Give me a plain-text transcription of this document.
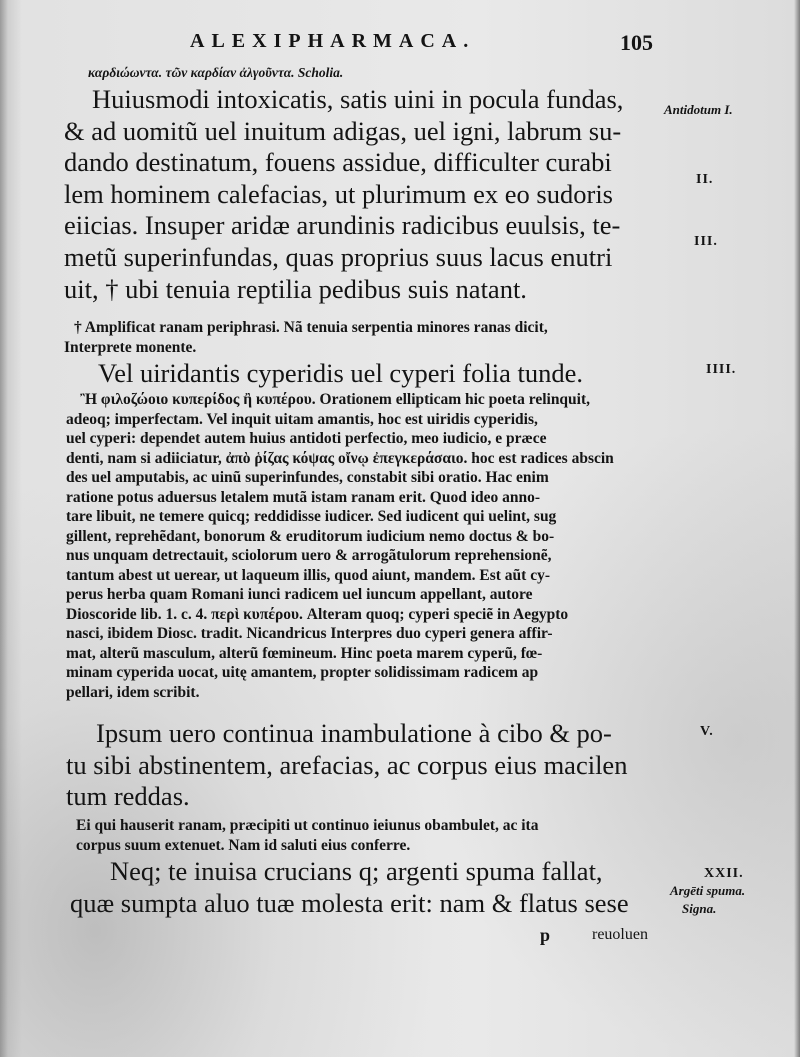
ALEXIPHARMACA.	105
καρδιώωντα. τῶν καρδίαν ἀλγοῦντα. Scholia.
Huiusmodi intoxicatis, satis uini in pocula fundas,
& ad uomitũ uel inuitum adigas, uel igni, labrum su-
dando destinatum, fouens assidue, difficulter curabi
lem hominem calefacias, ut plurimum ex eo sudoris
eiicias. Insuper aridæ arundinis radicibus euulsis, te-
metũ superinfundas, quas proprius suus lacus enutri
uit, † ubi tenuia reptilia pedibus suis natant.
† Amplificat ranam periphrasi. Nã tenuia serpentia minores ranas dicit,
Interprete monente.
Vel uiridantis cyperidis uel cyperi folia tunde.
Ἢ φιλοζώοιο κυπερίδος ἢ κυπέρου. Orationem ellipticam hic poeta relinquit,
adeoq; imperfectam. Vel inquit uitam amantis, hoc est uiridis cyperidis,
uel cyperi: dependet autem huius antidoti perfectio, meo iudicio, e præce
denti, nam si adiiciatur, ἀπὸ ῥίζας κόψας οἴνῳ ἐπεγκεράσαιο. hoc est radices abscin
des uel amputabis, ac uinũ superinfundes, constabit sibi oratio. Hac enim
ratione potus aduersus letalem mutã istam ranam erit. Quod ideo anno-
tare libuit, ne temere quicq; reddidisse iudicer. Sed iudicent qui uelint, sug
gillent, reprehẽdant, bonorum & eruditorum iudicium nemo doctus & bo-
nus unquam detrectauit, sciolorum uero & arrogãtulorum reprehensionẽ,
tantum abest ut uerear, ut laqueum illis, quod aiunt, mandem. Est aũt cy-
perus herba quam Romani iunci radicem uel iuncum appellant, autore
Dioscoride lib. 1. c. 4. περὶ κυπέρου. Alteram quoq; cyperi speciẽ in Aegypto
nasci, ibidem Diosc. tradit. Nicandricus Interpres duo cyperi genera affir-
mat, alterũ masculum, alterũ fœmineum. Hinc poeta marem cyperũ, fœ-
minam cyperida uocat, uitę amantem, propter solidissimam radicem ap
pellari, idem scribit.
Ipsum uero continua inambulatione à cibo & po-
tu sibi abstinentem, arefacias, ac corpus eius macilen
tum reddas.
Ei qui hauserit ranam, præcipiti ut continuo ieiunus obambulet, ac ita
corpus suum extenuet. Nam id saluti eius conferre.
Neq; te inuisa crucians q; argenti spuma fallat,
quæ sumpta aluo tuæ molesta erit: nam & flatus sese
p	reuoluen
Antidotum I.
II.
III.
IIII.
V.
XXII.
Argēti spuma.
Signa.
